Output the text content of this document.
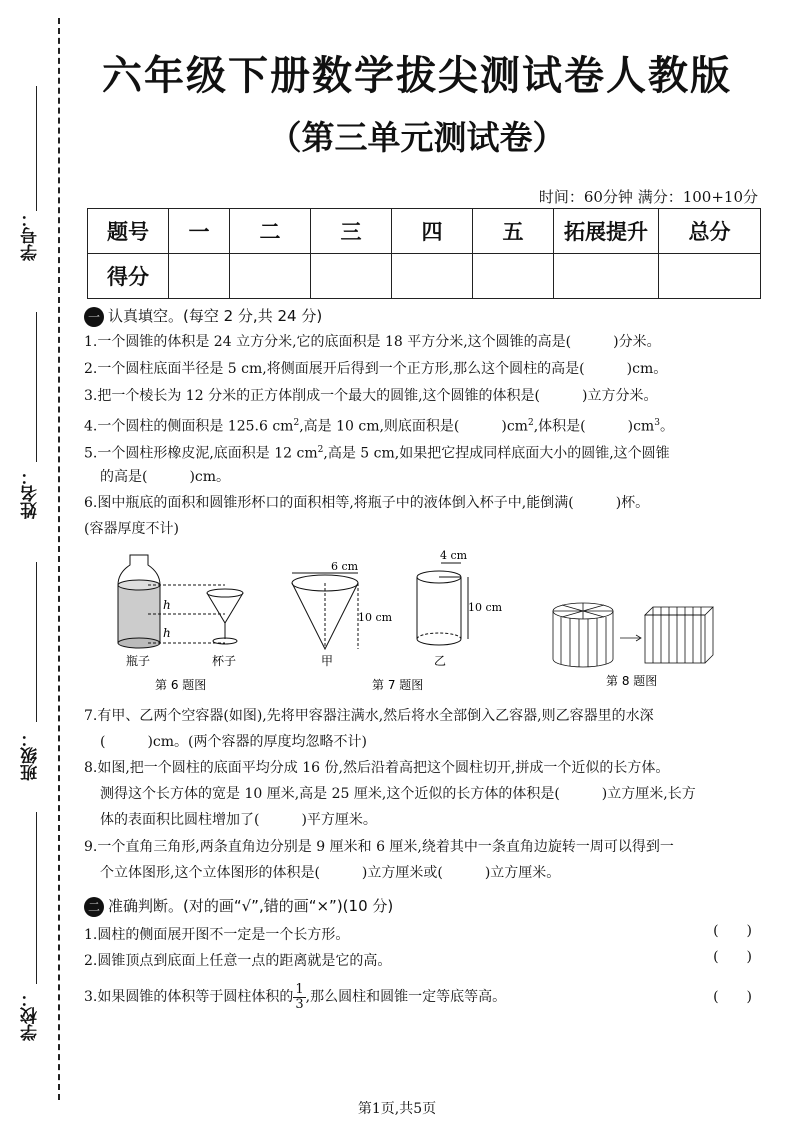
学号：
姓名：
班级：
学校：
六年级下册数学拔尖测试卷人教版
（第三单元测试卷）
时间：60分钟 满分：100+10分
题号	一	二	三	四	五	拓展提升	总分
得分							
一 认真填空。(每空 2 分,共 24 分)
1.一个圆锥的体积是 24 立方分米,它的底面积是 18 平方分米,这个圆锥的高是(　　　)分米。
2.一个圆柱底面半径是 5 cm,将侧面展开后得到一个正方形,那么这个圆柱的高是(　　　)cm。
3.把一个棱长为 12 分米的正方体削成一个最大的圆锥,这个圆锥的体积是(　　　)立方分米。
4.一个圆柱的侧面积是 125.6 $cm^2$,高是 10 cm,则底面积是(　　　)$cm^2$,体积是(　　　)$cm^3$。
5.一个圆柱形橡皮泥,底面积是 12 $cm^2$,高是 5 cm,如果把它捏成同样底面大小的圆锥,这个圆锥
的高是(　　　)cm。
6.图中瓶底的面积和圆锥形杯口的面积相等,将瓶子中的液体倒入杯子中,能倒满(　　　)杯。
(容器厚度不计)
h
h
瓶子	杯子
第 6 题图
6 cm
10 cm
甲
4 cm
10 cm
乙
第 7 题图	第 8 题图
7.有甲、乙两个空容器(如图),先将甲容器注满水,然后将水全部倒入乙容器,则乙容器里的水深
(　　　)cm。(两个容器的厚度均忽略不计)
8.如图,把一个圆柱的底面平均分成 16 份,然后沿着高把这个圆柱切开,拼成一个近似的长方体。
测得这个长方体的宽是 10 厘米,高是 25 厘米,这个近似的长方体的体积是(　　　)立方厘米,长方
体的表面积比圆柱增加了(　　　)平方厘米。
9.一个直角三角形,两条直角边分别是 9 厘米和 6 厘米,绕着其中一条直角边旋转一周可以得到一
个立体图形,这个立体图形的体积是(　　　)立方厘米或(　　　)立方厘米。
二 准确判断。(对的画“√”,错的画“×”)(10 分)
1.圆柱的侧面展开图不一定是一个长方形。	(　　)
2.圆锥顶点到底面上任意一点的距离就是它的高。	(　　)
3.如果圆锥的体积等于圆柱体积的 $\frac{1}{3}$ ,那么圆柱和圆锥一定等底等高。	(　　)
第1页,共5页
